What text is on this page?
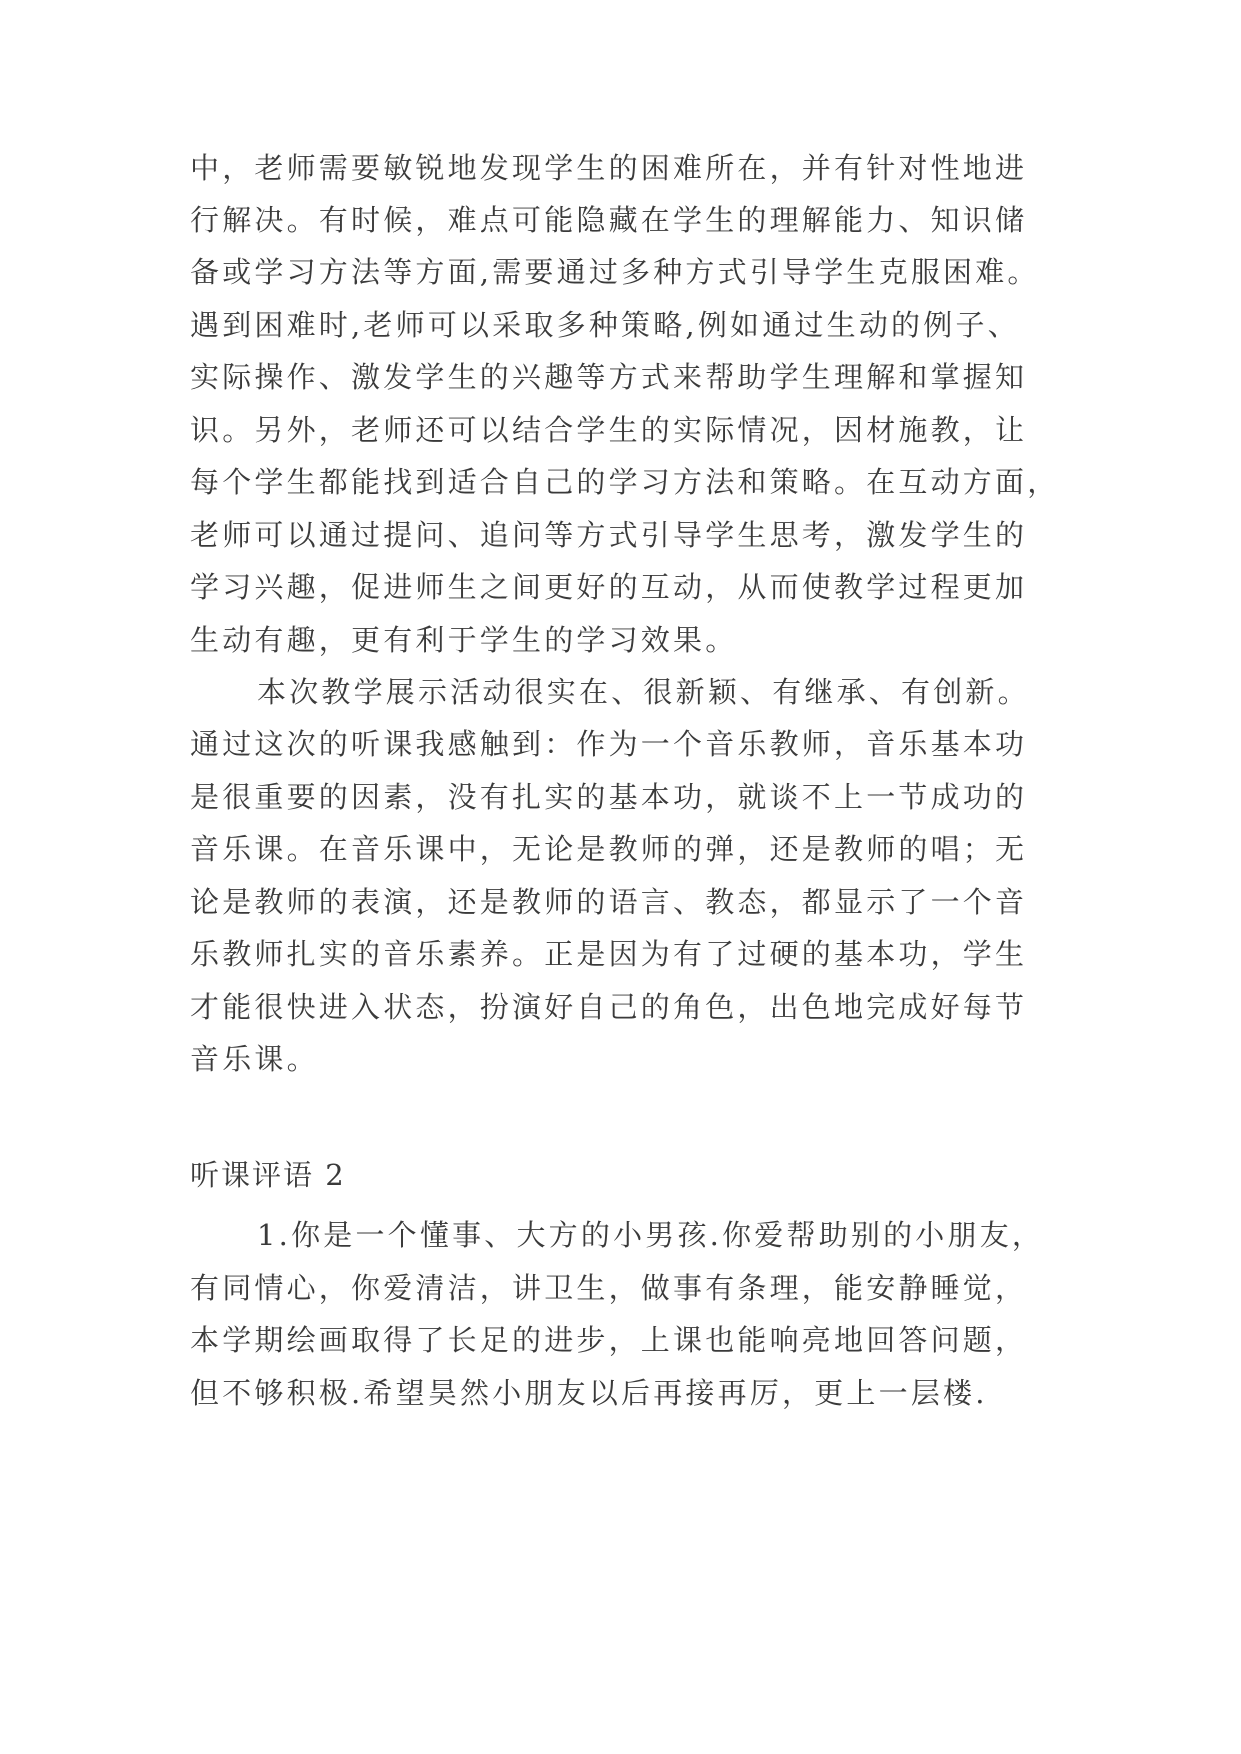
中，老师需要敏锐地发现学生的困难所在，并有针对性地进
行解决。有时候，难点可能隐藏在学生的理解能力、知识储
备或学习方法等方面,需要通过多种方式引导学生克服困难。
遇到困难时,老师可以采取多种策略,例如通过生动的例子、
实际操作、激发学生的兴趣等方式来帮助学生理解和掌握知
识。另外，老师还可以结合学生的实际情况，因材施教，让
每个学生都能找到适合自己的学习方法和策略。在互动方面，
老师可以通过提问、追问等方式引导学生思考，激发学生的
学习兴趣，促进师生之间更好的互动，从而使教学过程更加
生动有趣，更有利于学生的学习效果。
本次教学展示活动很实在、很新颖、有继承、有创新。
通过这次的听课我感触到：作为一个音乐教师，音乐基本功
是很重要的因素，没有扎实的基本功，就谈不上一节成功的
音乐课。在音乐课中，无论是教师的弹，还是教师的唱；无
论是教师的表演，还是教师的语言、教态，都显示了一个音
乐教师扎实的音乐素养。正是因为有了过硬的基本功，学生
才能很快进入状态，扮演好自己的角色，出色地完成好每节
音乐课。
听课评语 2
1.你是一个懂事、大方的小男孩.你爱帮助别的小朋友，
有同情心，你爱清洁，讲卫生，做事有条理，能安静睡觉，
本学期绘画取得了长足的进步，上课也能响亮地回答问题，
但不够积极.希望昊然小朋友以后再接再厉，更上一层楼.
